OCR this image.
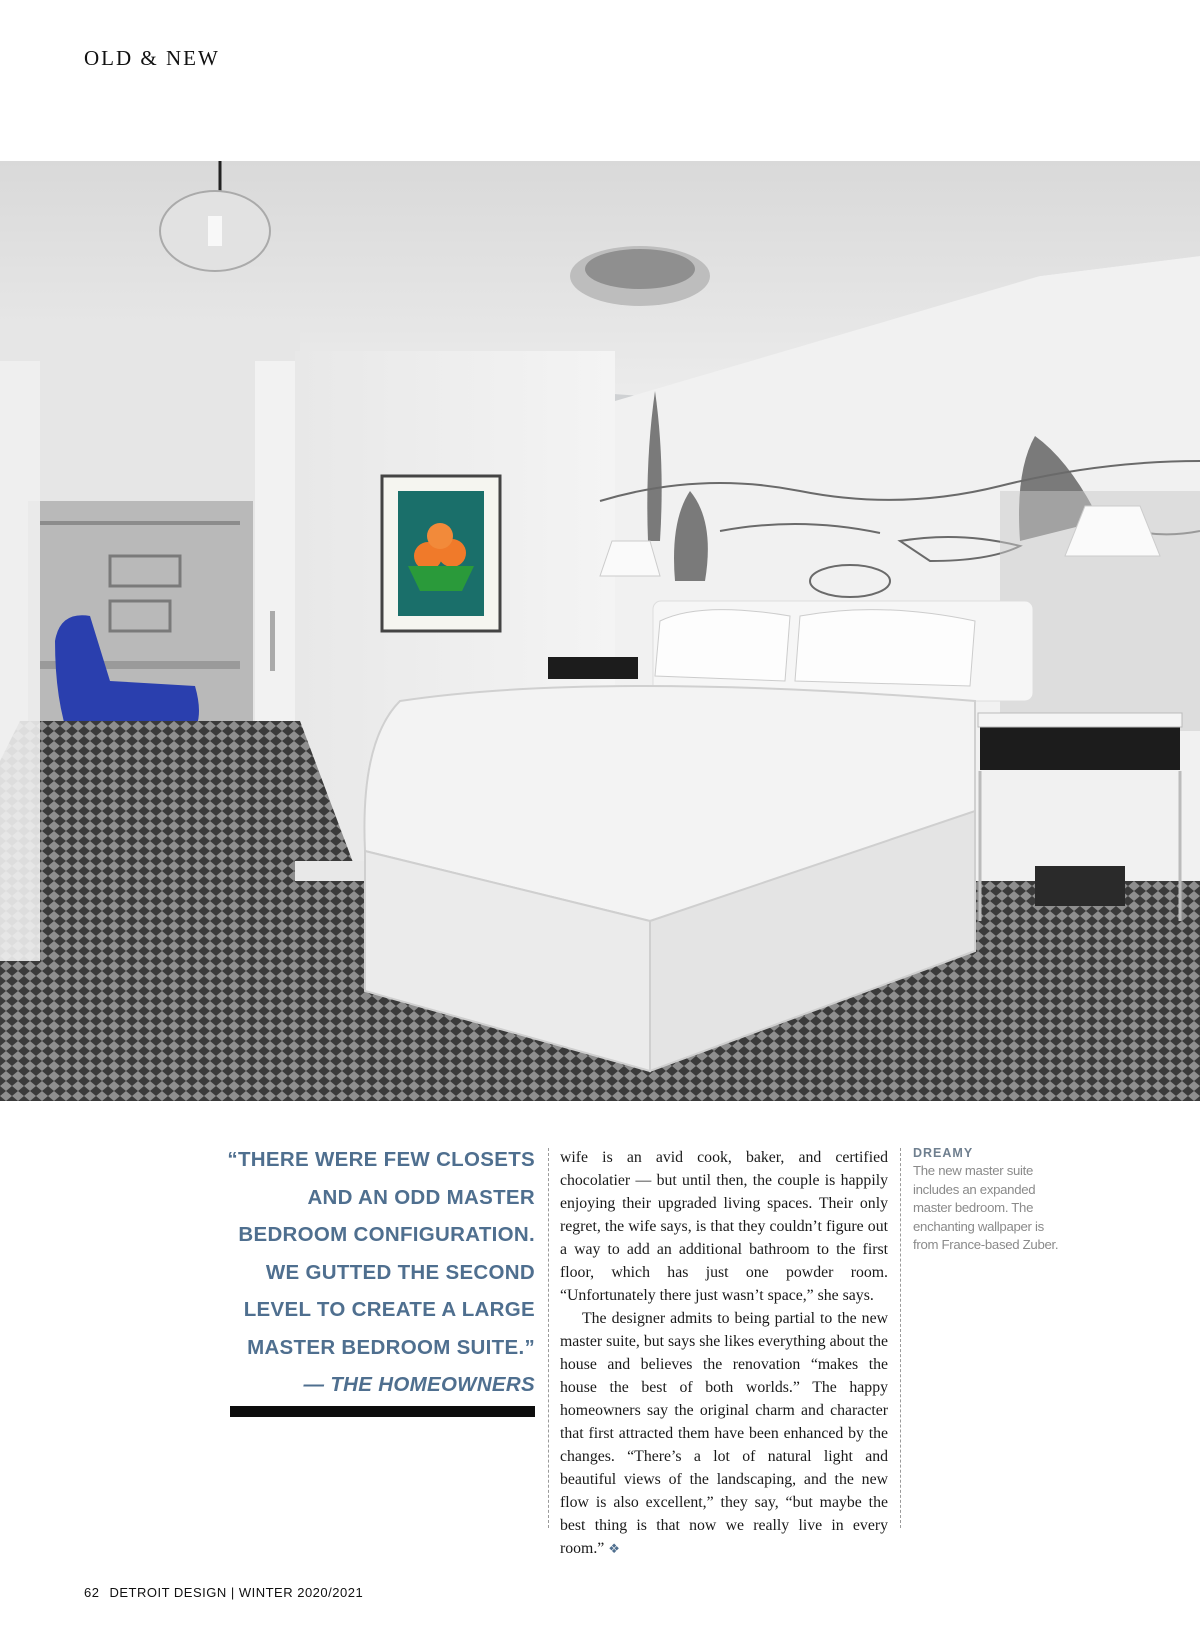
OLD & NEW
“THERE WERE FEW CLOSETS
AND AN ODD MASTER
BEDROOM CONFIGURATION.
WE GUTTED THE SECOND
LEVEL TO CREATE A LARGE
MASTER BEDROOM SUITE.”
— THE HOMEOWNERS

wife is an avid cook, baker, and certified chocolatier — but until then, the couple is happily enjoying their upgraded living spaces. Their only regret, the wife says, is that they couldn’t figure out a way to add an additional bathroom to the first floor, which has just one powder room. “Unfortunately there just wasn’t space,” she says.

The designer admits to being partial to the new master suite, but says she likes everything about the house and believes the renovation “makes the house the best of both worlds.” The happy homeowners say the original charm and character that first attracted them have been enhanced by the changes. “There’s a lot of natural light and beautiful views of the landscaping, and the new flow is also excellent,” they say, “but maybe the best thing is that now we really live in every room.” ❖

DREAMY
The new master suite includes an expanded master bedroom. The enchanting wallpaper is from France-based Zuber.
62 DETROIT DESIGN | WINTER 2020/2021
